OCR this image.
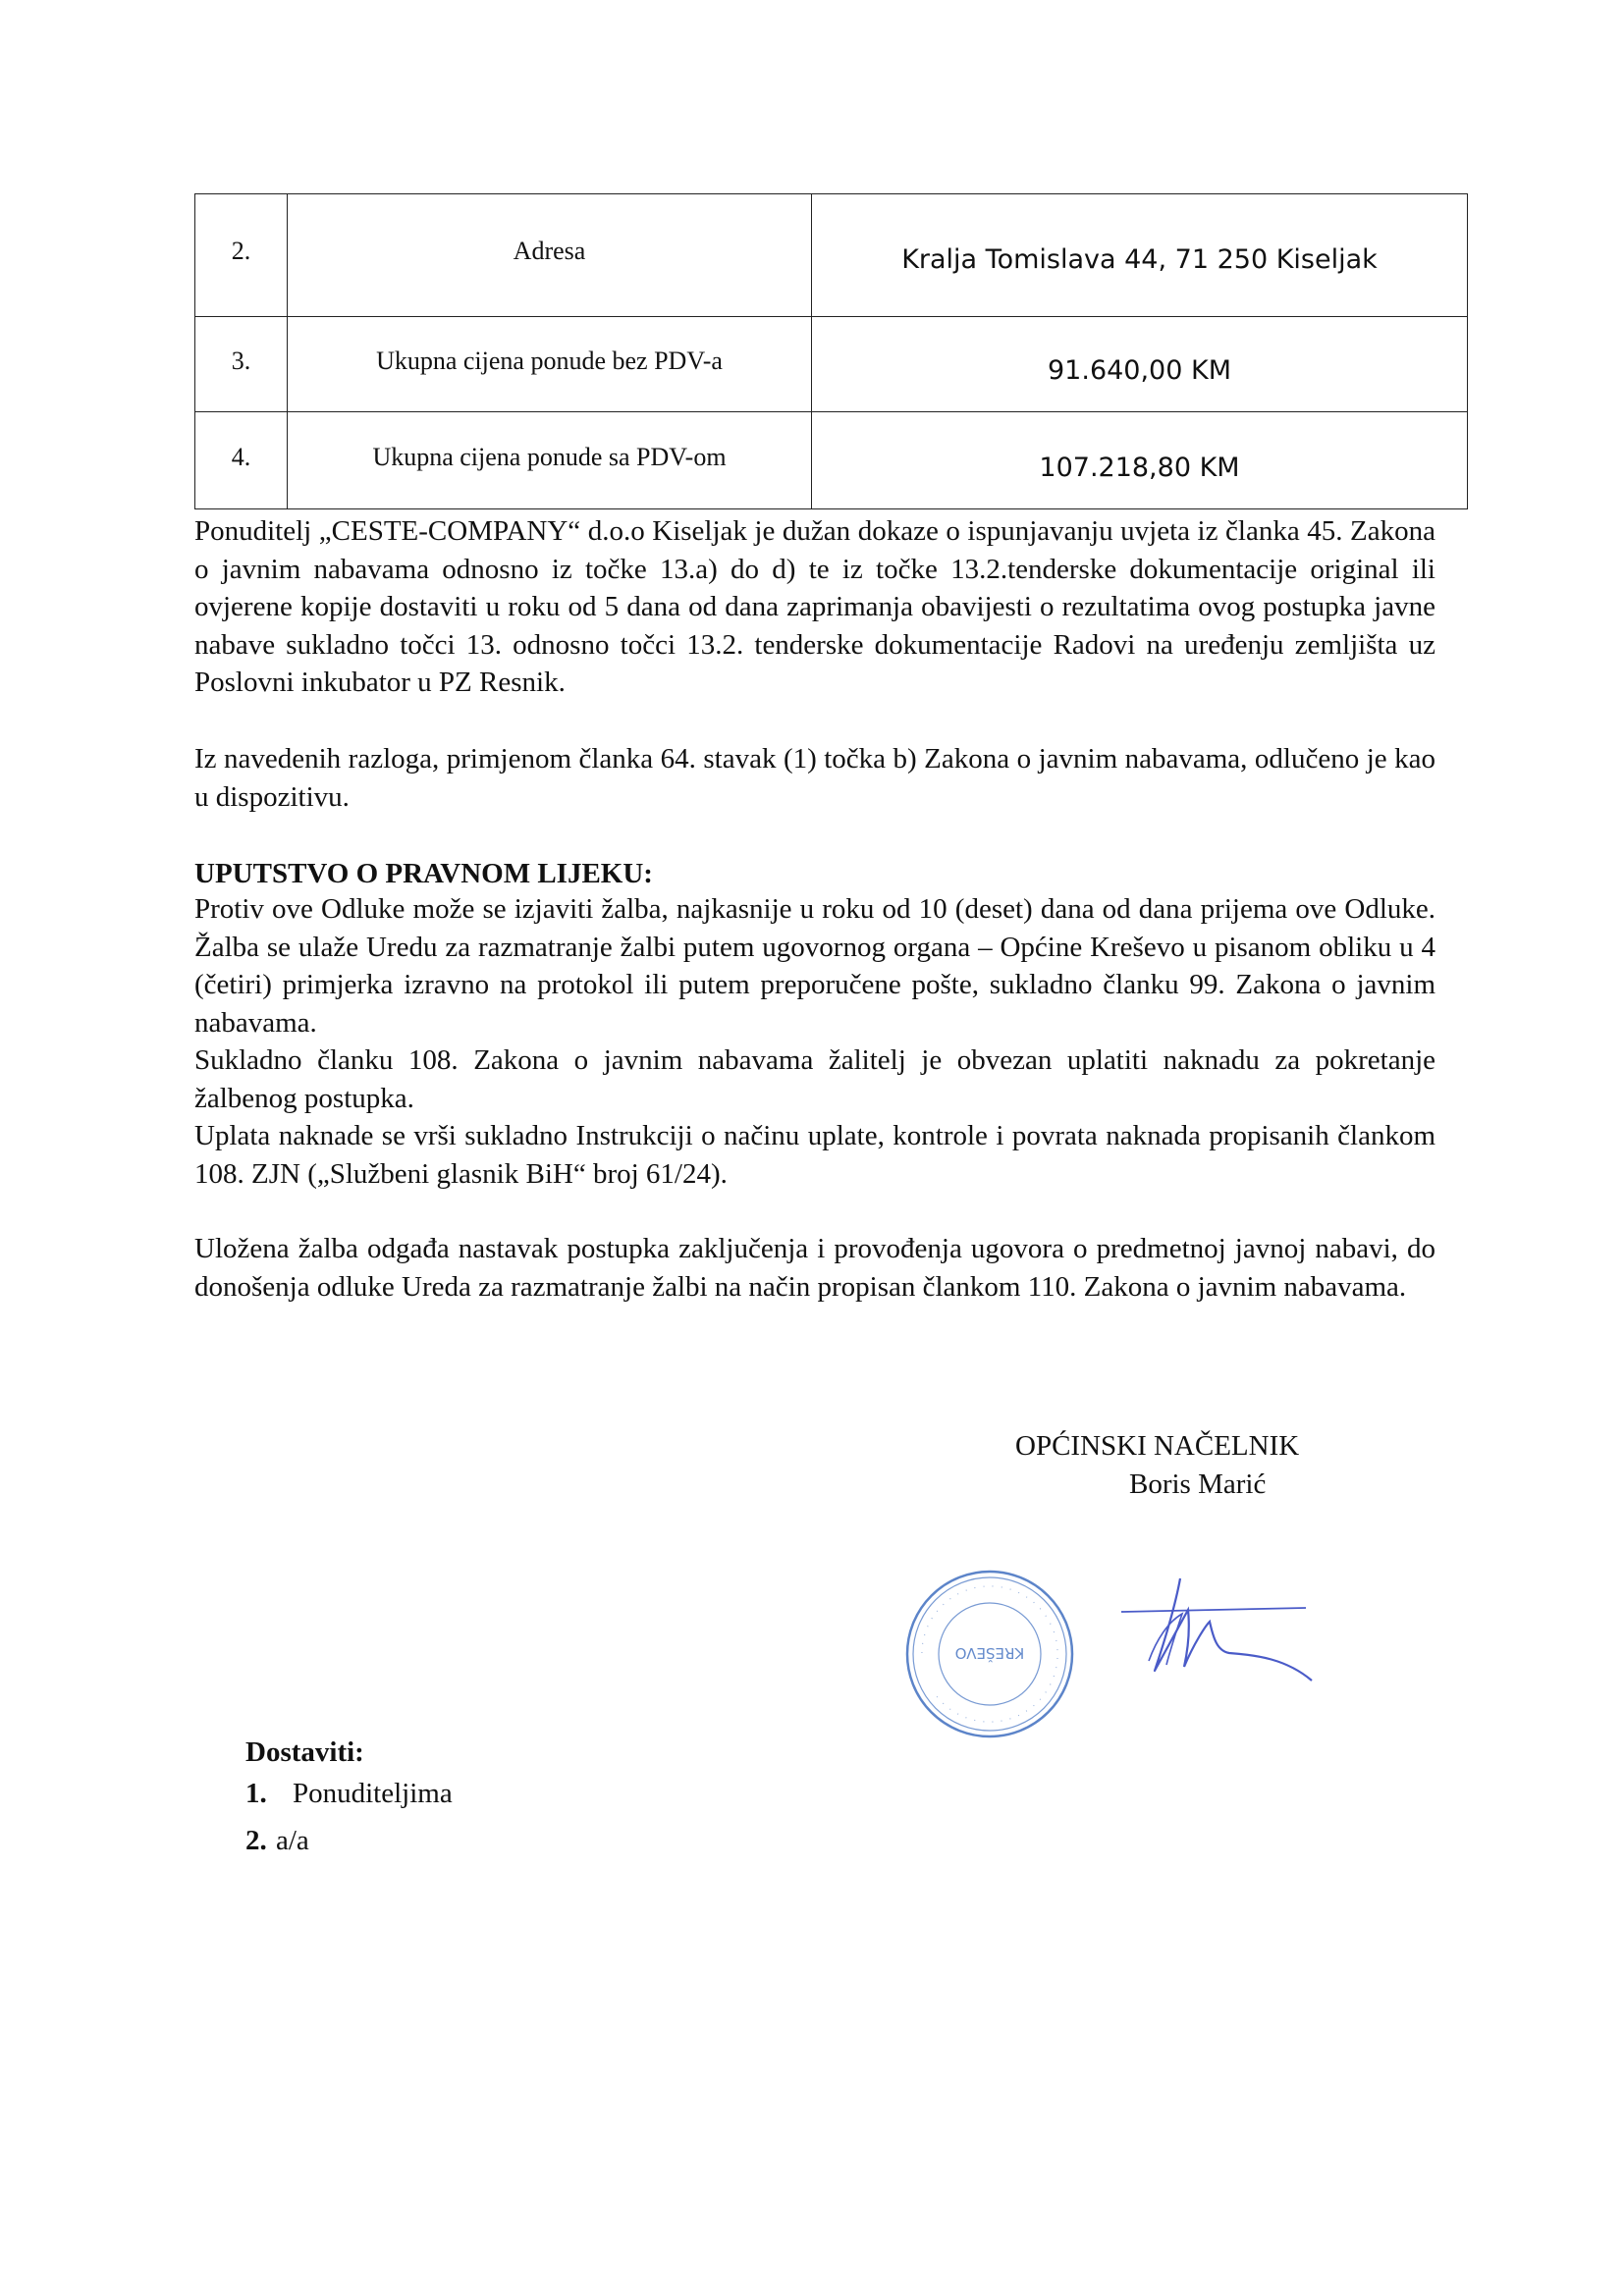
2.	Adresa	Kralja Tomislava 44, 71 250 Kiseljak
3.	Ukupna cijena ponude bez PDV-a	91.640,00 KM
4.	Ukupna cijena ponude sa PDV-om	107.218,80 KM

Ponuditelj „CESTE-COMPANY“ d.o.o Kiseljak je dužan dokaze o ispunjavanju uvjeta iz članka 45. Zakona o javnim nabavama odnosno iz točke 13.a) do d) te iz točke 13.2.tenderske dokumentacije original ili ovjerene kopije dostaviti u roku od 5 dana od dana zaprimanja obavijesti o rezultatima ovog postupka javne nabave sukladno točci 13. odnosno točci 13.2. tenderske dokumentacije Radovi na uređenju zemljišta uz Poslovni inkubator u PZ Resnik.

Iz navedenih razloga, primjenom članka 64. stavak (1) točka b) Zakona o javnim nabavama, odlučeno je kao u dispozitivu.

UPUTSTVO O PRAVNOM LIJEKU:

Protiv ove Odluke može se izjaviti žalba, najkasnije u roku od 10 (deset) dana od dana prijema ove Odluke. Žalba se ulaže Uredu za razmatranje žalbi putem ugovornog organa – Općine Kreševo u pisanom obliku u 4 (četiri) primjerka izravno na protokol ili putem preporučene pošte, sukladno članku 99. Zakona o javnim nabavama.
Sukladno članku 108. Zakona o javnim nabavama žalitelj je obvezan uplatiti naknadu za pokretanje žalbenog postupka.
Uplata naknade se vrši sukladno Instrukciji o načinu uplate, kontrole i povrata naknada propisanih člankom 108. ZJN („Službeni glasnik BiH“ broj 61/24).

Uložena žalba odgađa nastavak postupka zaključenja i provođenja ugovora o predmetnoj javnoj nabavi, do donošenja odluke Ureda za razmatranje žalbi na način propisan člankom 110. Zakona o javnim nabavama.

OPĆINSKI NAČELNIK

Boris Marić

· · · · · · · · · · · · · · · · · · · · · · · · · · · · · · · · · · · · · · · · · · ·
KREŠEVO

Dostaviti:

1. Ponuditeljima
2. a/a
